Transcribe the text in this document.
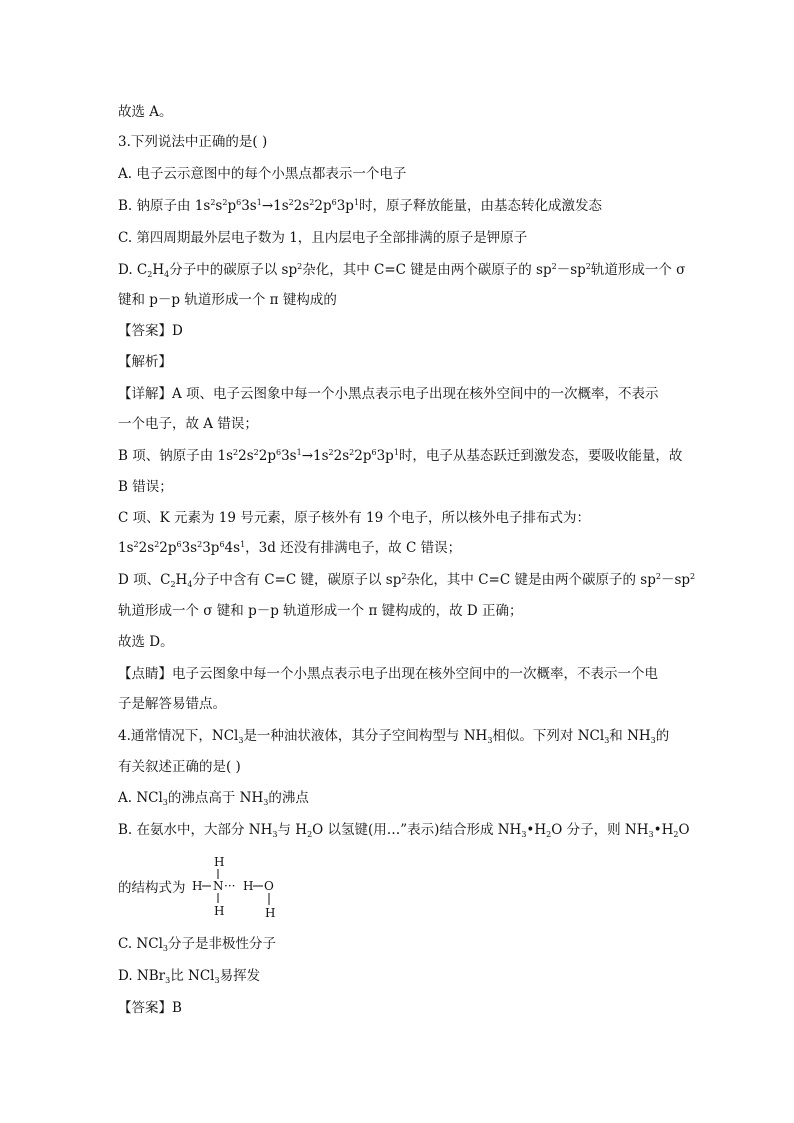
故选 A。
3.下列说法中正确的是( )
A. 电子云示意图中的每个小黑点都表示一个电子
B. 钠原子由 $1s^2s^2p^63s^1\to 1s^22s^22p^63p^1$时，原子释放能量，由基态转化成激发态
C. 第四周期最外层电子数为 1，且内层电子全部排满的原子是钾原子
D. $C_2H_4$分子中的碳原子以 $sp^2$杂化，其中 C=C 键是由两个碳原子的 $sp^2-sp^2$轨道形成一个 σ
键和 p－p 轨道形成一个 π 键构成的
【答案】D
【解析】
【详解】A 项、电子云图象中每一个小黑点表示电子出现在核外空间中的一次概率，不表示
一个电子，故 A 错误；
B 项、钠原子由 $1s^22s^22p^63s^1\to 1s^22s^22p^63p^1$时，电子从基态跃迁到激发态，要吸收能量，故
B 错误；
C 项、K 元素为 19 号元素，原子核外有 19 个电子，所以核外电子排布式为：
$1s^22s^22p^63s^23p^64s^1$，3d 还没有排满电子，故 C 错误；
D 项、$C_2H_4$分子中含有 C=C 键，碳原子以 $sp^2$杂化，其中 C=C 键是由两个碳原子的 $sp^2-sp^2$
轨道形成一个 σ 键和 p－p 轨道形成一个 π 键构成的，故 D 正确；
故选 D。
【点睛】电子云图象中每一个小黑点表示电子出现在核外空间中的一次概率，不表示一个电
子是解答易错点。
4.通常情况下，NCl$_3$是一种油状液体，其分子空间构型与 $NH_3$相似。下列对 NCl$_3$和 $NH_3$的
有关叙述正确的是( )
A. NCl$_3$的沸点高于 $NH_3$的沸点
B. 在氨水中，大部分 $NH_3$与 $H_2O$ 以氢键(用…”表示)结合形成 $NH_3•H_2O$ 分子，则 $NH_3•H_2O$
的结构式为
H
H N ··· H O
H	H
C. NCl$_3$分子是非极性分子
D. NBr$_3$比 NCl$_3$易挥发
【答案】B
